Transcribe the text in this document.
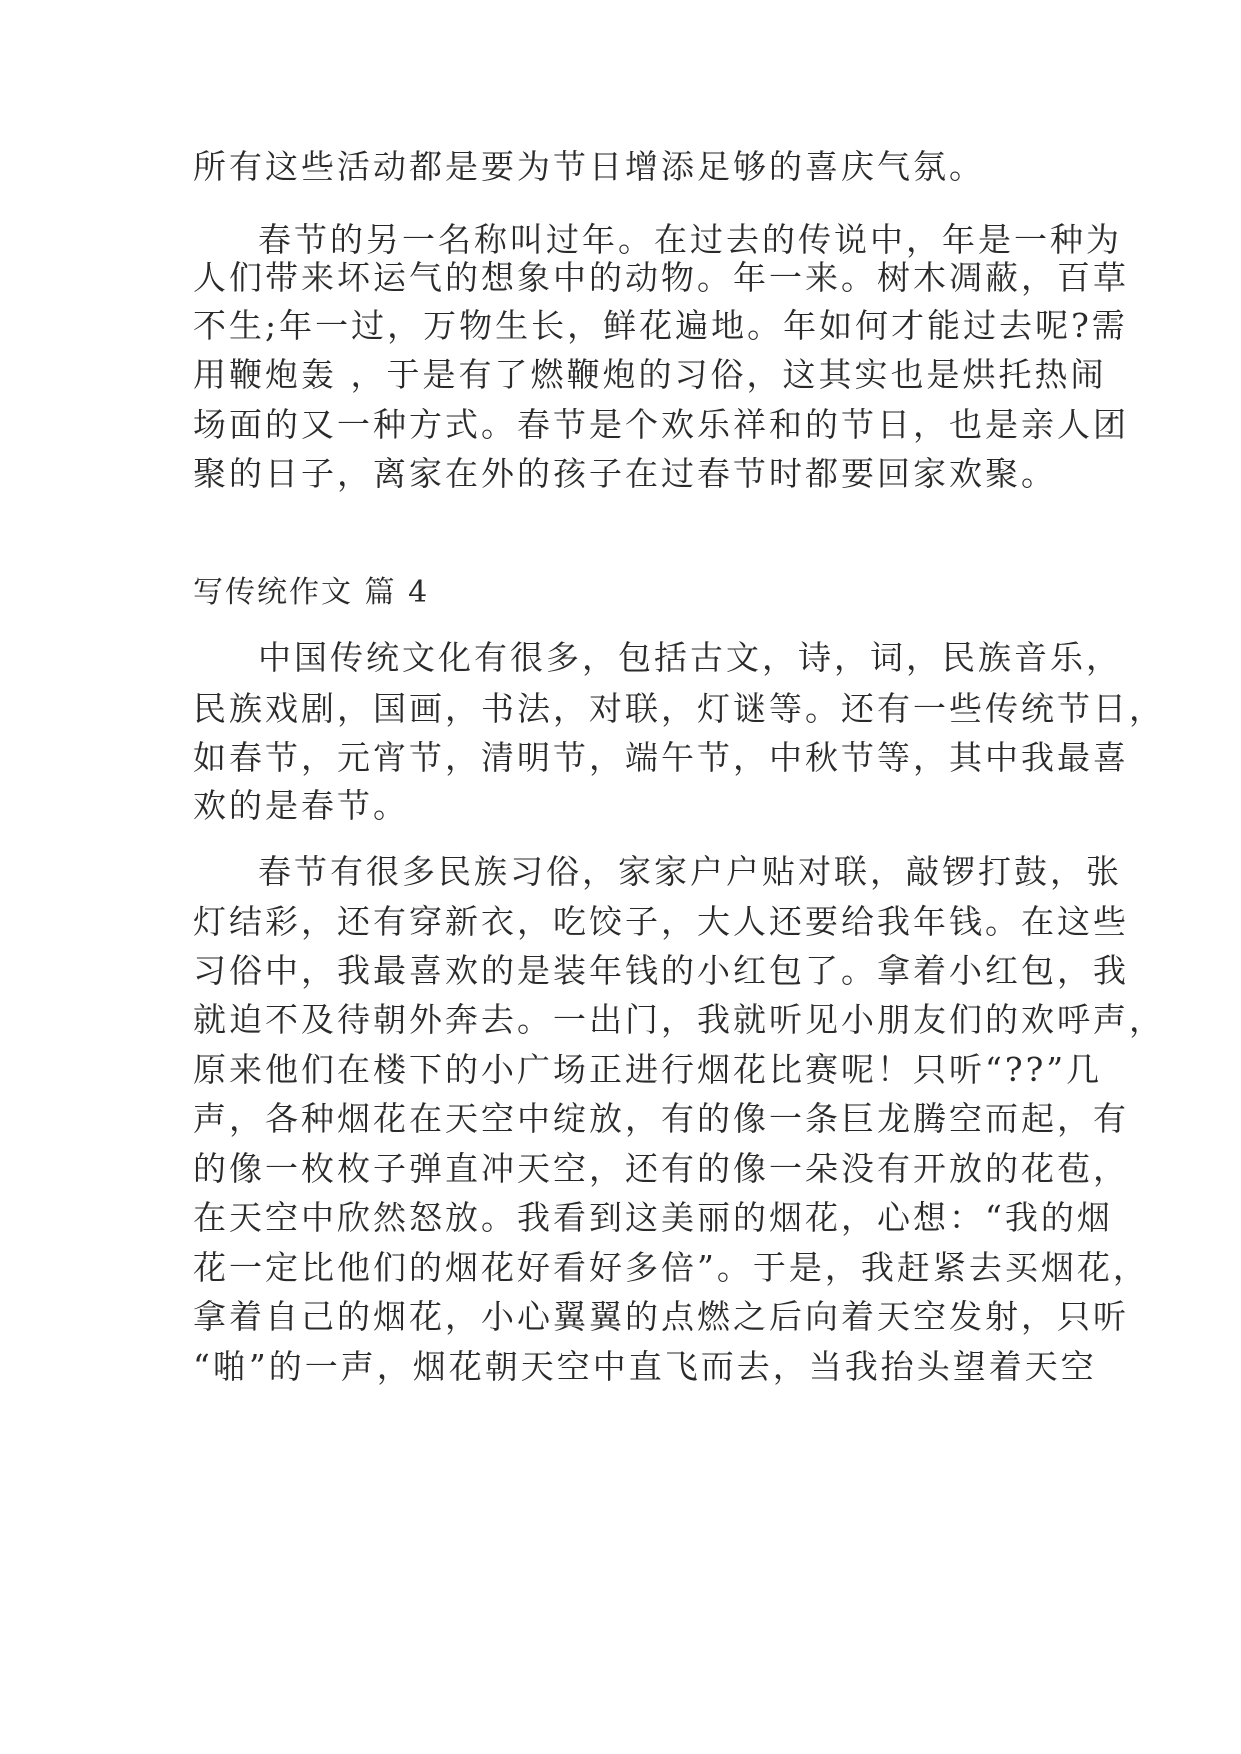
所有这些活动都是要为节日增添足够的喜庆气氛。
春节的另一名称叫过年。在过去的传说中，年是一种为
人们带来坏运气的想象中的动物。年一来。树木凋蔽，百草
不生;年一过，万物生长，鲜花遍地。年如何才能过去呢?需
用鞭炮轰 ，于是有了燃鞭炮的习俗，这其实也是烘托热闹
场面的又一种方式。春节是个欢乐祥和的节日，也是亲人团
聚的日子，离家在外的孩子在过春节时都要回家欢聚。
写传统作文 篇 4
中国传统文化有很多，包括古文，诗，词，民族音乐，
民族戏剧，国画，书法，对联，灯谜等。还有一些传统节日，
如春节，元宵节，清明节，端午节，中秋节等，其中我最喜
欢的是春节。
春节有很多民族习俗，家家户户贴对联，敲锣打鼓，张
灯结彩，还有穿新衣，吃饺子，大人还要给我年钱。在这些
习俗中，我最喜欢的是装年钱的小红包了。拿着小红包，我
就迫不及待朝外奔去。一出门，我就听见小朋友们的欢呼声，
原来他们在楼下的小广场正进行烟花比赛呢！只听“??”几
声，各种烟花在天空中绽放，有的像一条巨龙腾空而起，有
的像一枚枚子弹直冲天空，还有的像一朵没有开放的花苞，
在天空中欣然怒放。我看到这美丽的烟花，心想：“我的烟
花一定比他们的烟花好看好多倍”。于是，我赶紧去买烟花，
拿着自己的烟花，小心翼翼的点燃之后向着天空发射，只听
“啪”的一声，烟花朝天空中直飞而去，当我抬头望着天空
